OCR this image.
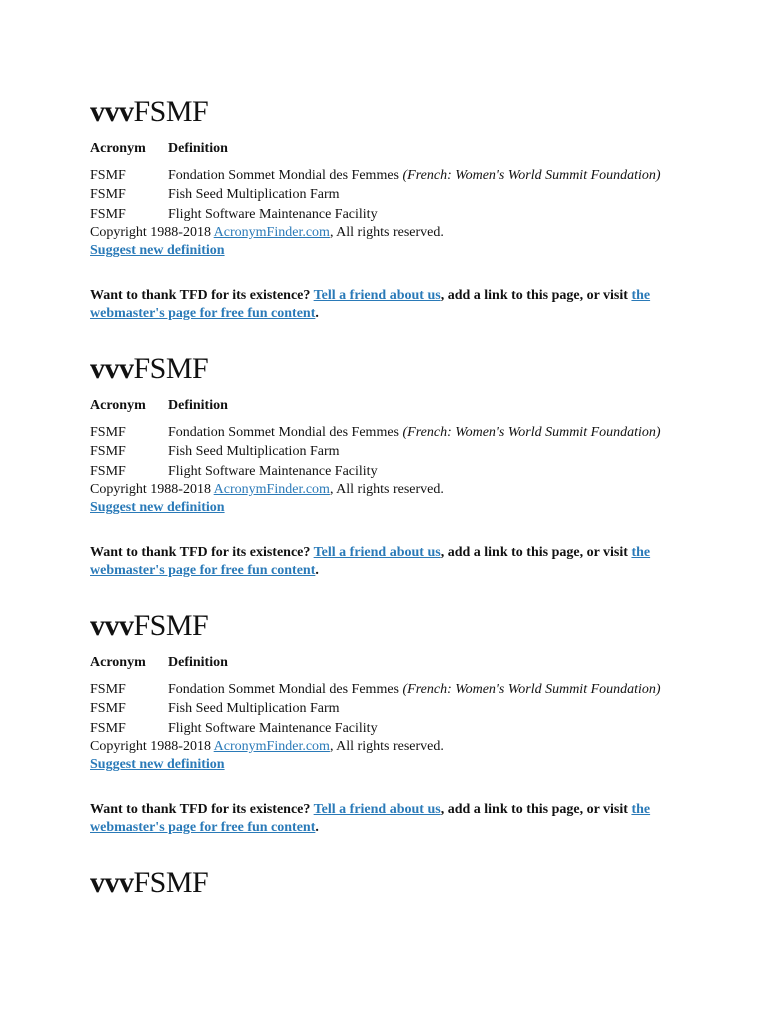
vvvFSMF
Acronym	Definition
FSMF	Fondation Sommet Mondial des Femmes (French: Women's World Summit Foundation)
FSMF	Fish Seed Multiplication Farm
FSMF	Flight Software Maintenance Facility
Copyright 1988-2018 AcronymFinder.com, All rights reserved.
Suggest new definition
Want to thank TFD for its existence? Tell a friend about us, add a link to this page, or visit the webmaster's page for free fun content.
vvvFSMF
Acronym	Definition
FSMF	Fondation Sommet Mondial des Femmes (French: Women's World Summit Foundation)
FSMF	Fish Seed Multiplication Farm
FSMF	Flight Software Maintenance Facility
Copyright 1988-2018 AcronymFinder.com, All rights reserved.
Suggest new definition
Want to thank TFD for its existence? Tell a friend about us, add a link to this page, or visit the webmaster's page for free fun content.
vvvFSMF
Acronym	Definition
FSMF	Fondation Sommet Mondial des Femmes (French: Women's World Summit Foundation)
FSMF	Fish Seed Multiplication Farm
FSMF	Flight Software Maintenance Facility
Copyright 1988-2018 AcronymFinder.com, All rights reserved.
Suggest new definition
Want to thank TFD for its existence? Tell a friend about us, add a link to this page, or visit the webmaster's page for free fun content.
vvvFSMF
